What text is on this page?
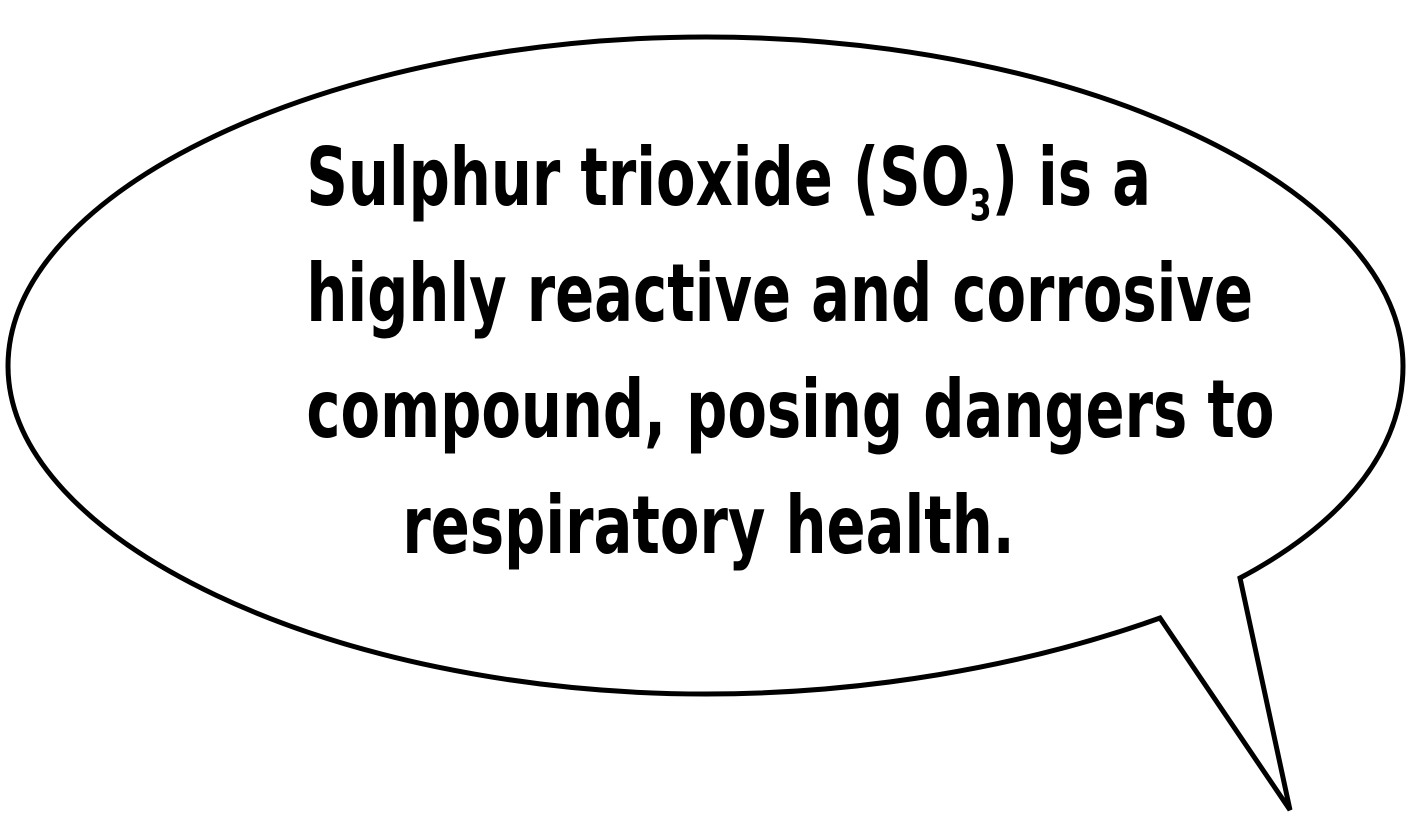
Sulphur trioxide $(SO_3)$ is a
highly reactive and corrosive
compound, posing dangers to
respiratory health.
